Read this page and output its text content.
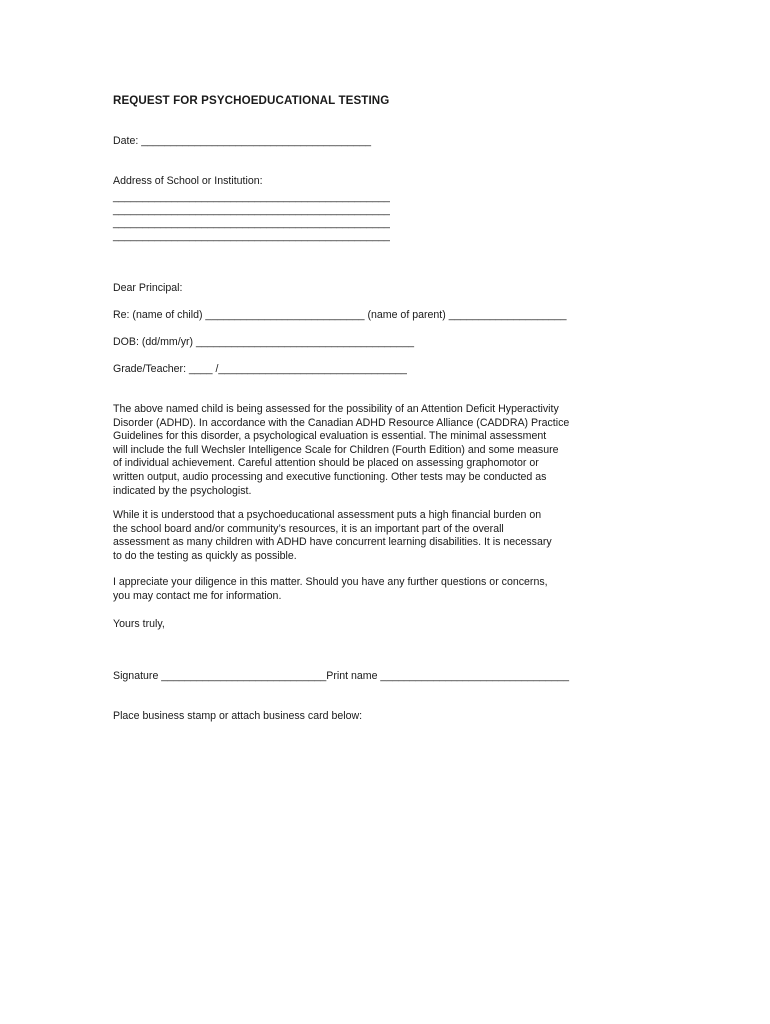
REQUEST FOR PSYCHOEDUCATIONAL TESTING
Date: _______________________________________
Address of School or Institution:
_______________________________________________
_______________________________________________
_______________________________________________
_______________________________________________
Dear Principal:
Re: (name of child) ___________________________ (name of parent) ____________________
DOB: (dd/mm/yr) _____________________________________
Grade/Teacher: ____ /________________________________
The above named child is being assessed for the possibility of an Attention Deficit Hyperactivity
Disorder (ADHD). In accordance with the Canadian ADHD Resource Alliance (CADDRA) Practice
Guidelines for this disorder, a psychological evaluation is essential. The minimal assessment
will include the full Wechsler Intelligence Scale for Children (Fourth Edition) and some measure
of individual achievement. Careful attention should be placed on assessing graphomotor or
written output, audio processing and executive functioning. Other tests may be conducted as
indicated by the psychologist.
While it is understood that a psychoeducational assessment puts a high financial burden on
the school board and/or community’s resources, it is an important part of the overall
assessment as many children with ADHD have concurrent learning disabilities. It is necessary
to do the testing as quickly as possible.
I appreciate your diligence in this matter. Should you have any further questions or concerns,
you may contact me for information.
Yours truly,
Signature ____________________________Print name ________________________________
Place business stamp or attach business card below:
